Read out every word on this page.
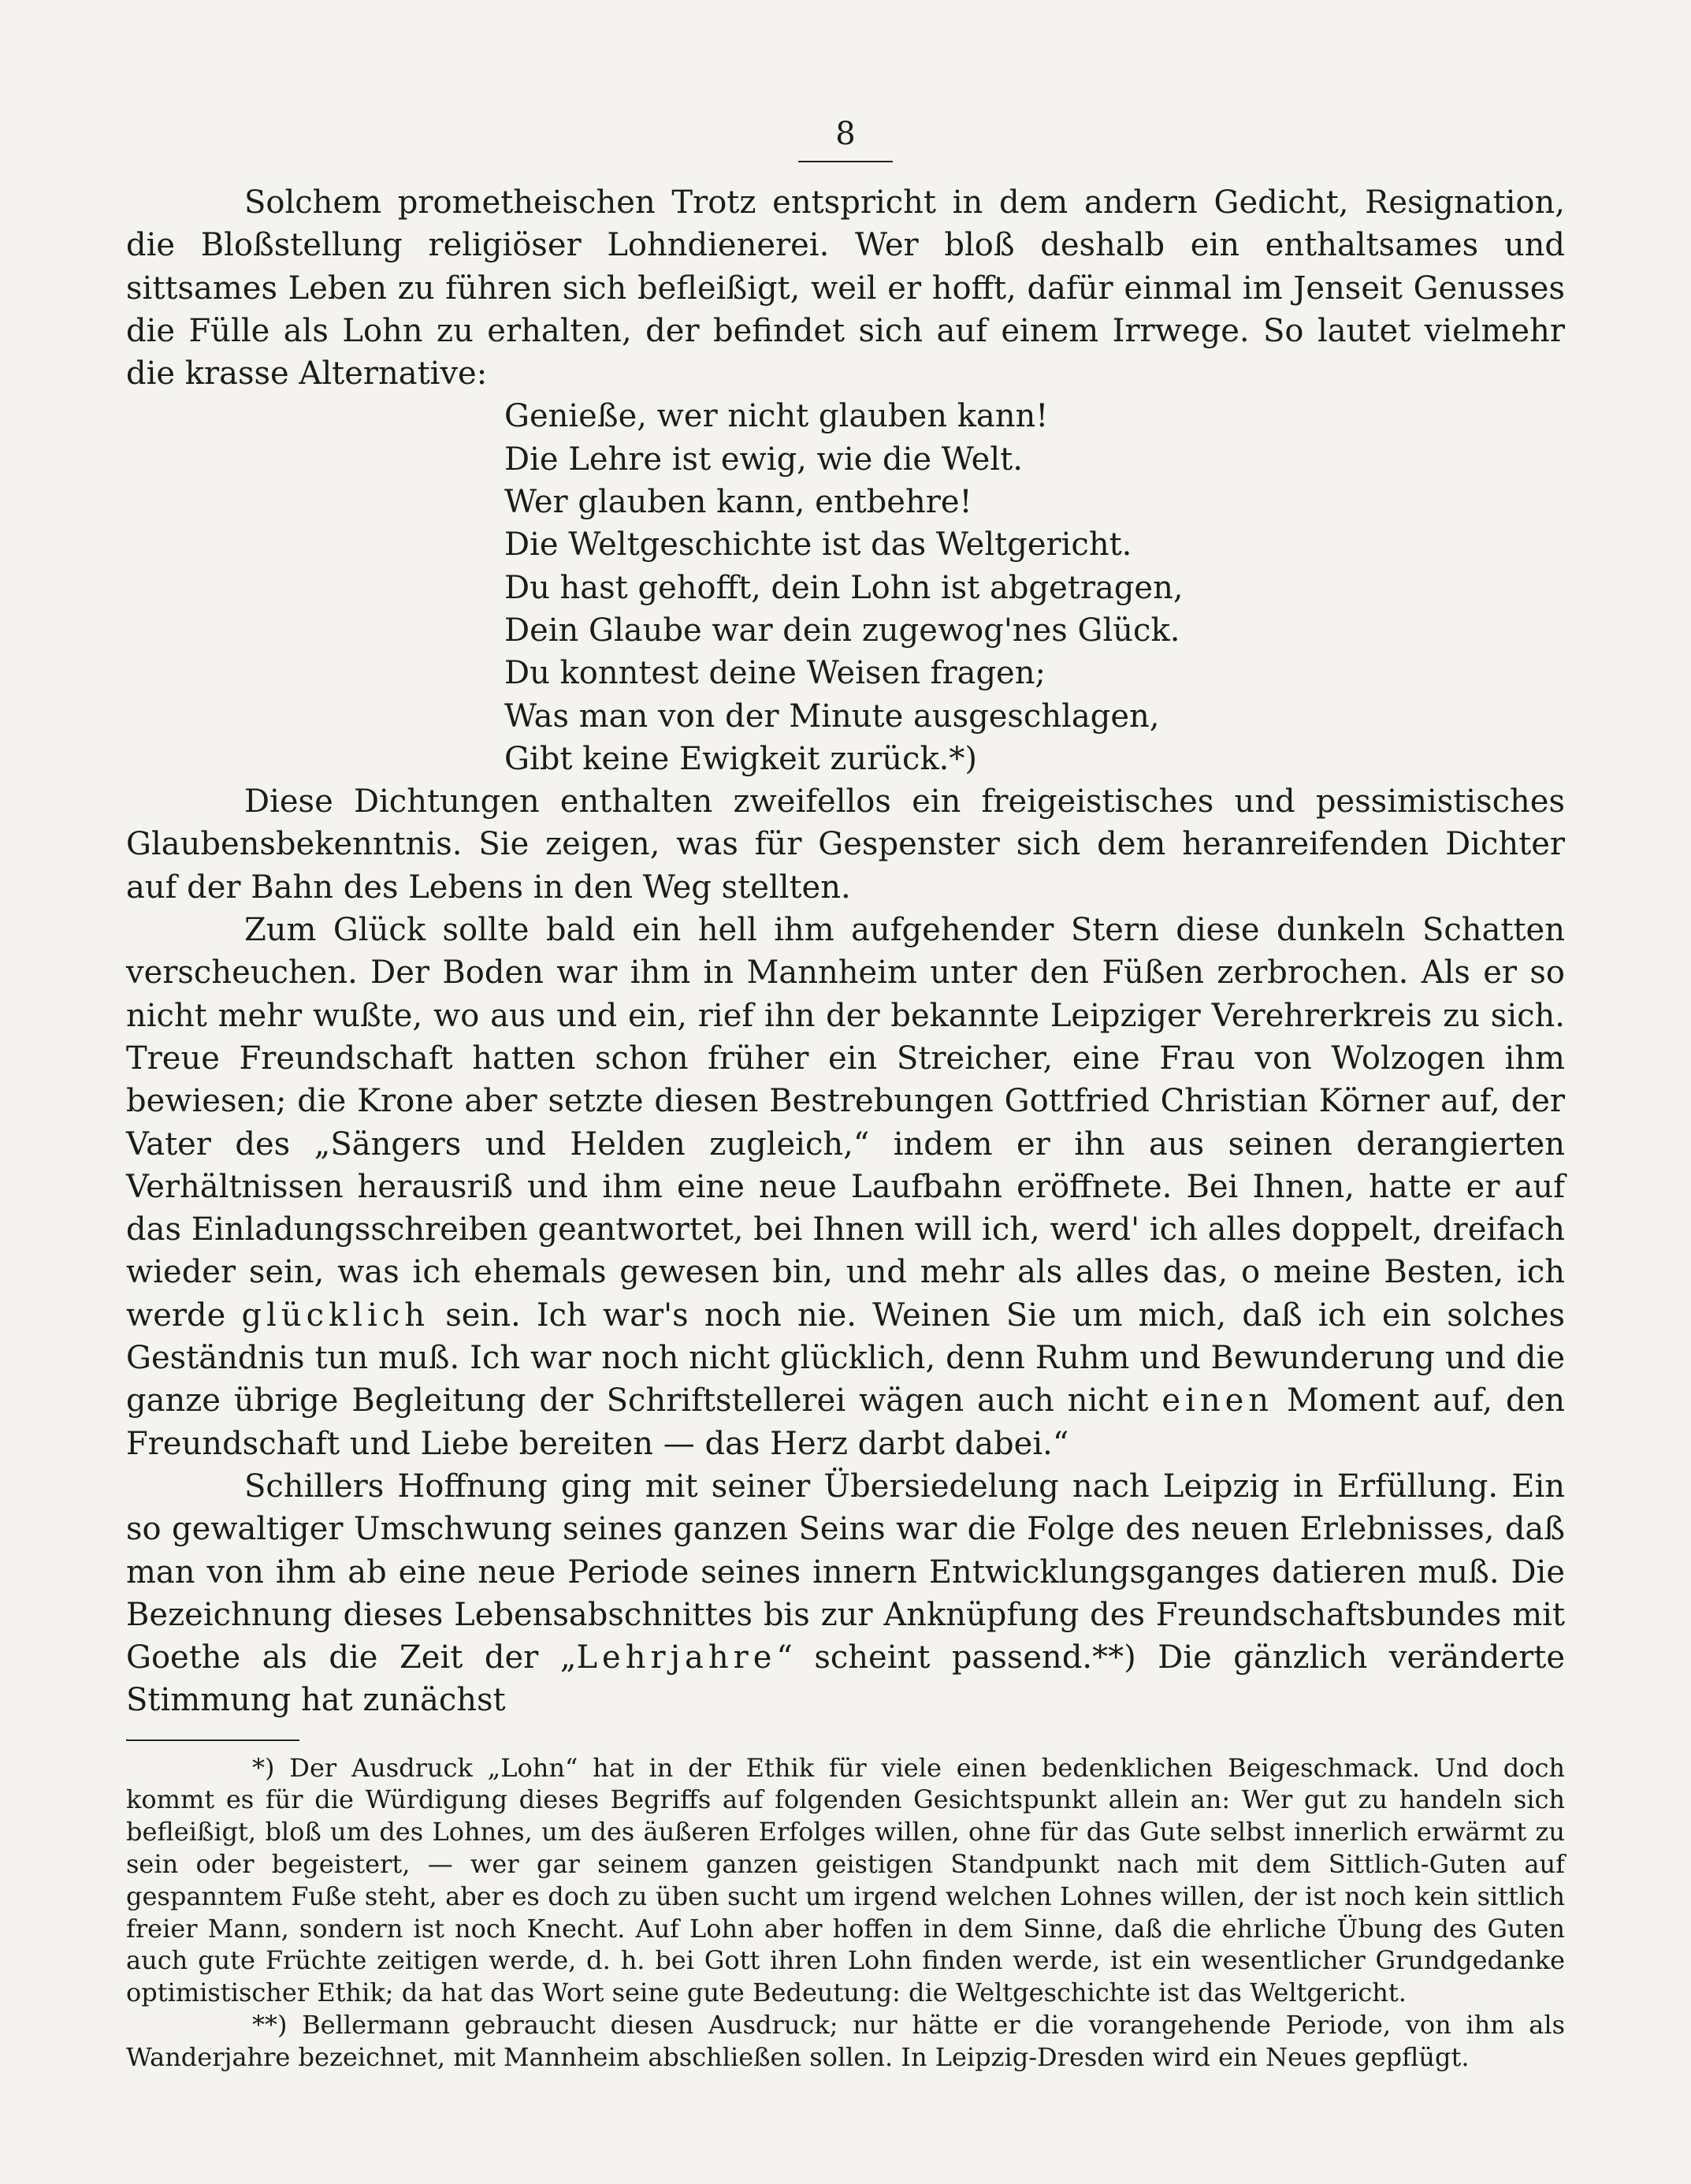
8

Solchem prometheischen Trotz entspricht in dem andern Gedicht, Resignation, die Bloßstellung religiöser Lohndienerei. Wer bloß deshalb ein enthaltsames und sittsames Leben zu führen sich befleißigt, weil er hofft, dafür einmal im Jenseit Genusses die Fülle als Lohn zu erhalten, der befindet sich auf einem Irrwege. So lautet vielmehr die krasse Alternative:

Genieße, wer nicht glauben kann!
Die Lehre ist ewig, wie die Welt.
Wer glauben kann, entbehre!
Die Weltgeschichte ist das Weltgericht.
Du hast gehofft, dein Lohn ist abgetragen,
Dein Glaube war dein zugewog'nes Glück.
Du konntest deine Weisen fragen;
Was man von der Minute ausgeschlagen,
Gibt keine Ewigkeit zurück.*)

Diese Dichtungen enthalten zweifellos ein freigeistisches und pessimistisches Glaubensbekenntnis. Sie zeigen, was für Gespenster sich dem heranreifenden Dichter auf der Bahn des Lebens in den Weg stellten.

Zum Glück sollte bald ein hell ihm aufgehender Stern diese dunkeln Schatten verscheuchen. Der Boden war ihm in Mannheim unter den Füßen zerbrochen. Als er so nicht mehr wußte, wo aus und ein, rief ihn der bekannte Leipziger Verehrerkreis zu sich. Treue Freundschaft hatten schon früher ein Streicher, eine Frau von Wolzogen ihm bewiesen; die Krone aber setzte diesen Bestrebungen Gottfried Christian Körner auf, der Vater des „Sängers und Helden zugleich,“ indem er ihn aus seinen derangierten Verhältnissen herausriß und ihm eine neue Laufbahn eröffnete. Bei Ihnen, hatte er auf das Einladungsschreiben geantwortet, bei Ihnen will ich, werd' ich alles doppelt, dreifach wieder sein, was ich ehemals gewesen bin, und mehr als alles das, o meine Besten, ich werde glücklich sein. Ich war's noch nie. Weinen Sie um mich, daß ich ein solches Geständnis tun muß. Ich war noch nicht glücklich, denn Ruhm und Bewunderung und die ganze übrige Begleitung der Schriftstellerei wägen auch nicht einen Moment auf, den Freundschaft und Liebe bereiten — das Herz darbt dabei.“

Schillers Hoffnung ging mit seiner Übersiedelung nach Leipzig in Erfüllung. Ein so gewaltiger Umschwung seines ganzen Seins war die Folge des neuen Erlebnisses, daß man von ihm ab eine neue Periode seines innern Entwicklungsganges datieren muß. Die Bezeichnung dieses Lebensabschnittes bis zur Anknüpfung des Freundschaftsbundes mit Goethe als die Zeit der „Lehrjahre“ scheint passend.**) Die gänzlich veränderte Stimmung hat zunächst

*) Der Ausdruck „Lohn“ hat in der Ethik für viele einen bedenklichen Beigeschmack. Und doch kommt es für die Würdigung dieses Begriffs auf folgenden Gesichtspunkt allein an: Wer gut zu handeln sich befleißigt, bloß um des Lohnes, um des äußeren Erfolges willen, ohne für das Gute selbst innerlich erwärmt zu sein oder begeistert, — wer gar seinem ganzen geistigen Standpunkt nach mit dem Sittlich-Guten auf gespanntem Fuße steht, aber es doch zu üben sucht um irgend welchen Lohnes willen, der ist noch kein sittlich freier Mann, sondern ist noch Knecht. Auf Lohn aber hoffen in dem Sinne, daß die ehrliche Übung des Guten auch gute Früchte zeitigen werde, d. h. bei Gott ihren Lohn finden werde, ist ein wesentlicher Grundgedanke optimistischer Ethik; da hat das Wort seine gute Bedeutung: die Weltgeschichte ist das Weltgericht.

**) Bellermann gebraucht diesen Ausdruck; nur hätte er die vorangehende Periode, von ihm als Wanderjahre bezeichnet, mit Mannheim abschließen sollen. In Leipzig-Dresden wird ein Neues gepflügt.
